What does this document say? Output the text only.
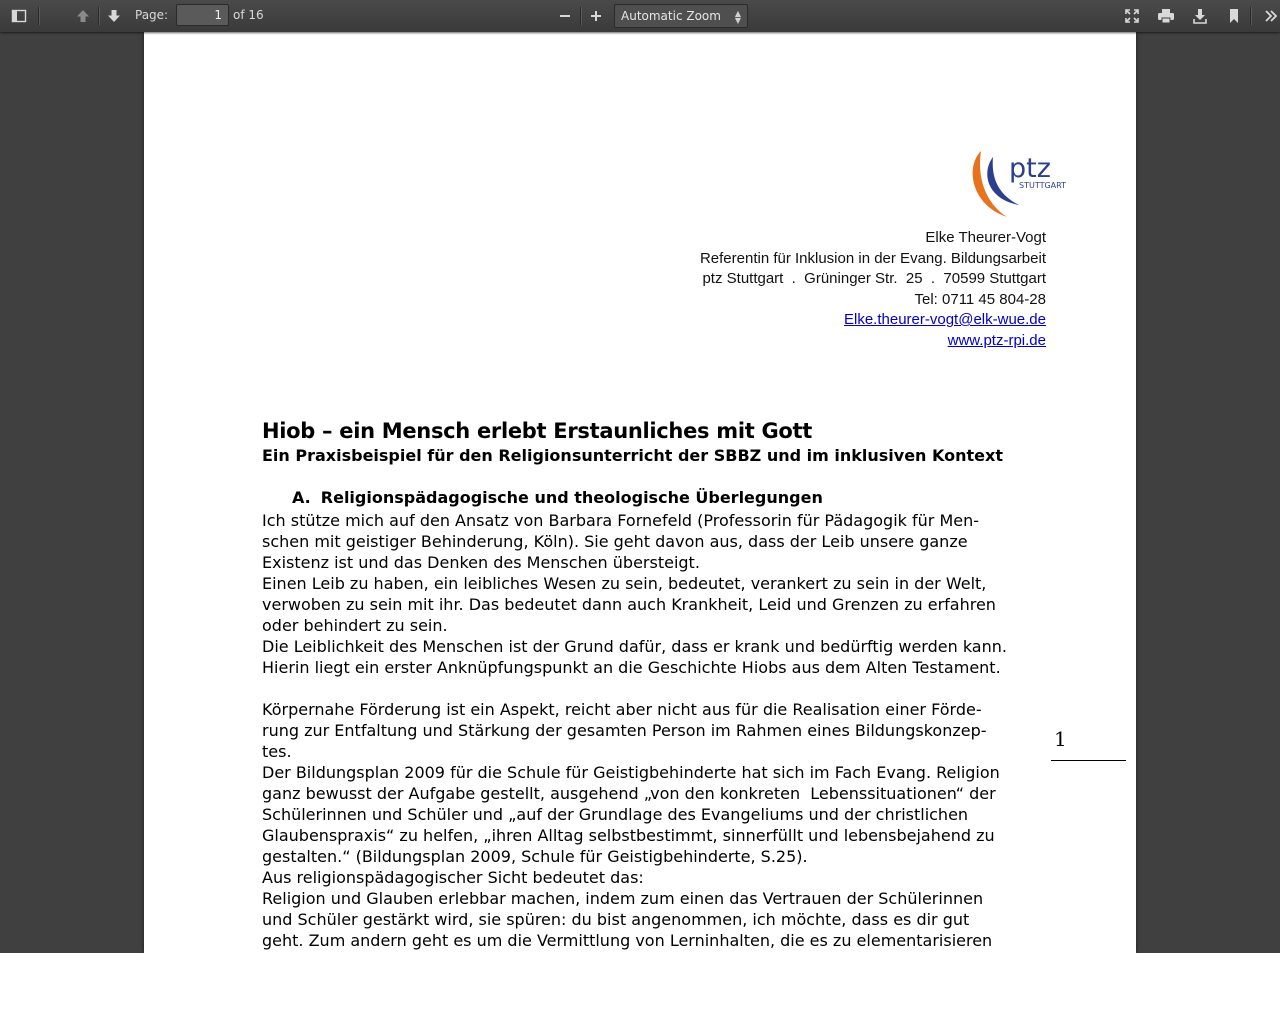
Page:
1	of 16	Automatic Zoom ▲
▼
ptz
STUTTGART
Elke Theurer-Vogt
Referentin für Inklusion in der Evang. Bildungsarbeit
ptz Stuttgart  .  Grüninger Str.  25  .  70599 Stuttgart
Tel: 0711 45 804-28
Elke.theurer-vogt@elk-wue.de
www.ptz-rpi.de
Hiob – ein Mensch erlebt Erstaunliches mit Gott
Ein Praxisbeispiel für den Religionsunterricht der SBBZ und im inklusiven Kontext
A. Religionspädagogische und theologische Überlegungen
Ich stütze mich auf den Ansatz von Barbara Fornefeld (Professorin für Pädagogik für Men-
schen mit geistiger Behinderung, Köln). Sie geht davon aus, dass der Leib unsere ganze
Existenz ist und das Denken des Menschen übersteigt.
Einen Leib zu haben, ein leibliches Wesen zu sein, bedeutet, verankert zu sein in der Welt,
verwoben zu sein mit ihr. Das bedeutet dann auch Krankheit, Leid und Grenzen zu erfahren
oder behindert zu sein.
Die Leiblichkeit des Menschen ist der Grund dafür, dass er krank und bedürftig werden kann.
Hierin liegt ein erster Anknüpfungspunkt an die Geschichte Hiobs aus dem Alten Testament.
Körpernahe Förderung ist ein Aspekt, reicht aber nicht aus für die Realisation einer Förde-
rung zur Entfaltung und Stärkung der gesamten Person im Rahmen eines Bildungskonzep-
tes.
Der Bildungsplan 2009 für die Schule für Geistigbehinderte hat sich im Fach Evang. Religion
ganz bewusst der Aufgabe gestellt, ausgehend „von den konkreten  Lebenssituationen“ der
Schülerinnen und Schüler und „auf der Grundlage des Evangeliums und der christlichen
Glaubenspraxis“ zu helfen, „ihren Alltag selbstbestimmt, sinnerfüllt und lebensbejahend zu
gestalten.“ (Bildungsplan 2009, Schule für Geistigbehinderte, S.25).
Aus religionspädagogischer Sicht bedeutet das:
Religion und Glauben erlebbar machen, indem zum einen das Vertrauen der Schülerinnen
und Schüler gestärkt wird, sie spüren: du bist angenommen, ich möchte, dass es dir gut
geht. Zum andern geht es um die Vermittlung von Lerninhalten, die es zu elementarisieren
1
